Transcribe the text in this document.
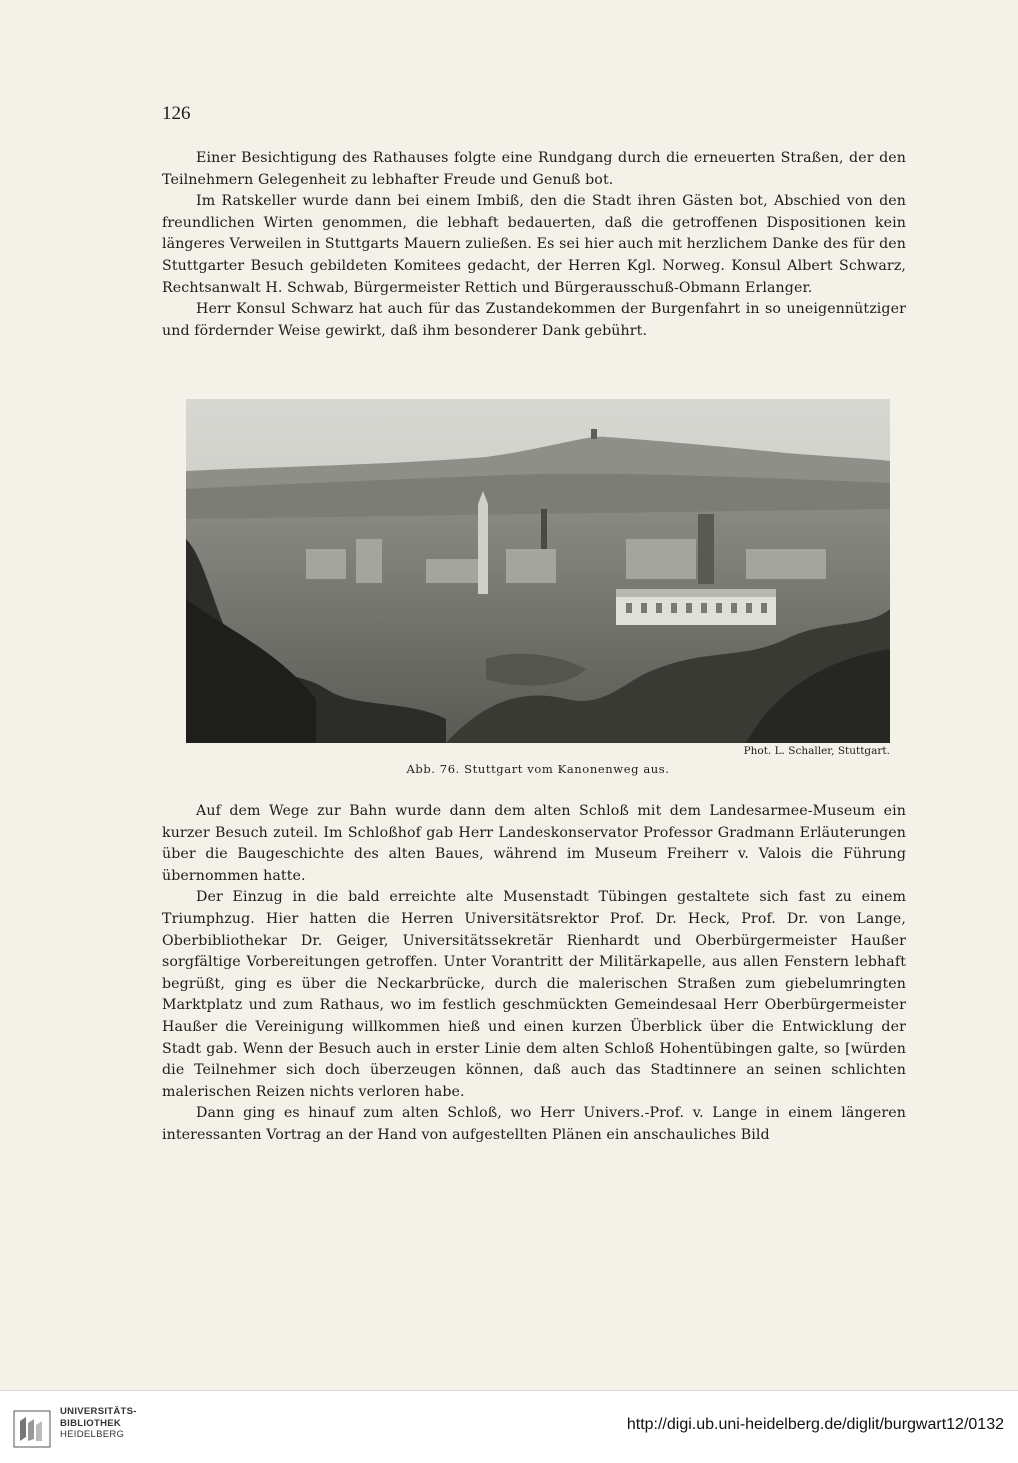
126

Einer Besichtigung des Rathauses folgte eine Rundgang durch die erneuerten Straßen, der den Teilnehmern Gelegenheit zu lebhafter Freude und Genuß bot.

Im Ratskeller wurde dann bei einem Imbiß, den die Stadt ihren Gästen bot, Abschied von den freundlichen Wirten genommen, die lebhaft bedauerten, daß die getroffenen Dispositionen kein längeres Verweilen in Stuttgarts Mauern zuließen. Es sei hier auch mit herzlichem Danke des für den Stuttgarter Besuch gebildeten Komitees gedacht, der Herren Kgl. Norweg. Konsul Albert Schwarz, Rechtsanwalt H. Schwab, Bürgermeister Rettich und Bürgerausschuß-Obmann Erlanger.

Herr Konsul Schwarz hat auch für das Zustandekommen der Burgenfahrt in so uneigennütziger und fördernder Weise gewirkt, daß ihm besonderer Dank gebührt.

Phot. L. Schaller, Stuttgart.
Abb. 76. Stuttgart vom Kanonenweg aus.

Auf dem Wege zur Bahn wurde dann dem alten Schloß mit dem Landesarmee-Museum ein kurzer Besuch zuteil. Im Schloßhof gab Herr Landeskonservator Professor Gradmann Erläuterungen über die Baugeschichte des alten Baues, während im Museum Freiherr v. Valois die Führung übernommen hatte.

Der Einzug in die bald erreichte alte Musenstadt Tübingen gestaltete sich fast zu einem Triumphzug. Hier hatten die Herren Universitätsrektor Prof. Dr. Heck, Prof. Dr. von Lange, Oberbibliothekar Dr. Geiger, Universitätssekretär Rienhardt und Oberbürgermeister Haußer sorgfältige Vorbereitungen getroffen. Unter Vorantritt der Militärkapelle, aus allen Fenstern lebhaft begrüßt, ging es über die Neckarbrücke, durch die malerischen Straßen zum giebelumringten Marktplatz und zum Rathaus, wo im festlich geschmückten Gemeindesaal Herr Oberbürgermeister Haußer die Vereinigung willkommen hieß und einen kurzen Überblick über die Entwicklung der Stadt gab. Wenn der Besuch auch in erster Linie dem alten Schloß Hohentübingen galte, so [würden die Teilnehmer sich doch überzeugen können, daß auch das Stadtinnere an seinen schlichten malerischen Reizen nichts verloren habe.

Dann ging es hinauf zum alten Schloß, wo Herr Univers.-Prof. v. Lange in einem längeren interessanten Vortrag an der Hand von aufgestellten Plänen ein anschauliches Bild

UNIVERSITÄTS-
BIBLIOTHEK
HEIDELBERG
http://digi.ub.uni-heidelberg.de/diglit/burgwart12/0132
